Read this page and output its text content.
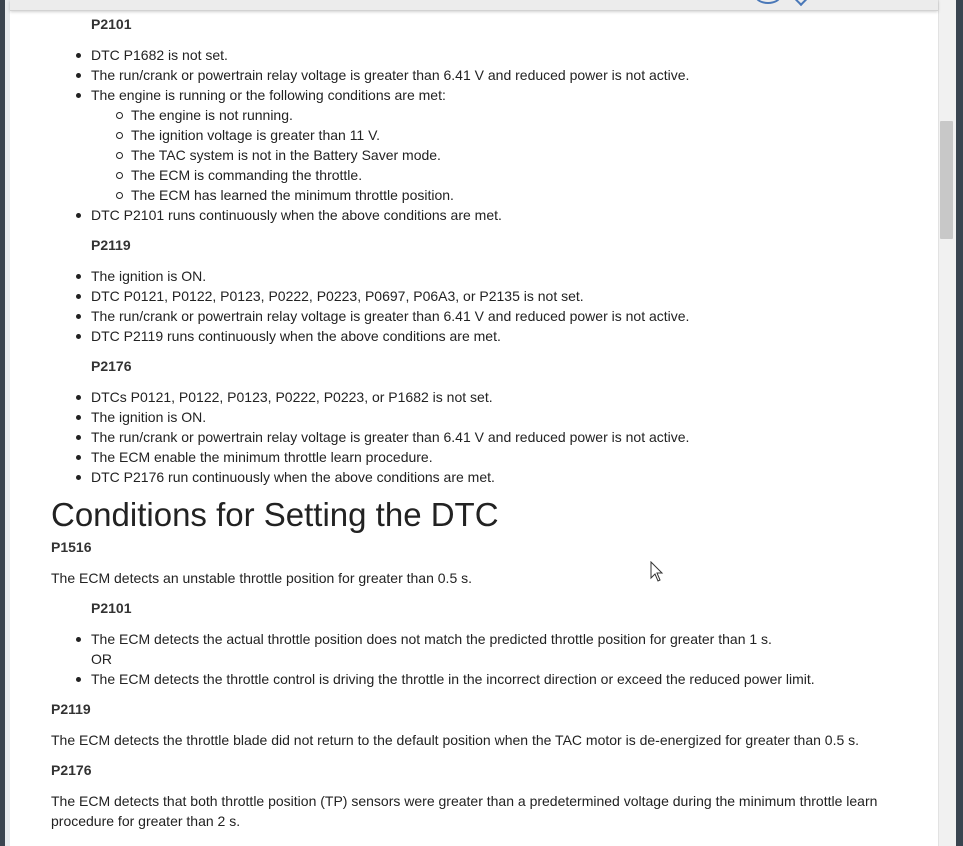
P2101
DTC P1682 is not set.
The run/crank or powertrain relay voltage is greater than 6.41 V and reduced power is not active.
The engine is running or the following conditions are met:
The engine is not running.
The ignition voltage is greater than 11 V.
The TAC system is not in the Battery Saver mode.
The ECM is commanding the throttle.
The ECM has learned the minimum throttle position.
DTC P2101 runs continuously when the above conditions are met.
P2119
The ignition is ON.
DTC P0121, P0122, P0123, P0222, P0223, P0697, P06A3, or P2135 is not set.
The run/crank or powertrain relay voltage is greater than 6.41 V and reduced power is not active.
DTC P2119 runs continuously when the above conditions are met.
P2176
DTCs P0121, P0122, P0123, P0222, P0223, or P1682 is not set.
The ignition is ON.
The run/crank or powertrain relay voltage is greater than 6.41 V and reduced power is not active.
The ECM enable the minimum throttle learn procedure.
DTC P2176 run continuously when the above conditions are met.
Conditions for Setting the DTC
P1516

The ECM detects an unstable throttle position for greater than 0.5 s.

P2101
The ECM detects the actual throttle position does not match the predicted throttle position for greater than 1 s.
OR
The ECM detects the throttle control is driving the throttle in the incorrect direction or exceed the reduced power limit.
P2119

The ECM detects the throttle blade did not return to the default position when the TAC motor is de-energized for greater than 0.5 s.

P2176

The ECM detects that both throttle position (TP) sensors were greater than a predetermined voltage during the minimum throttle learn procedure for greater than 2 s.
